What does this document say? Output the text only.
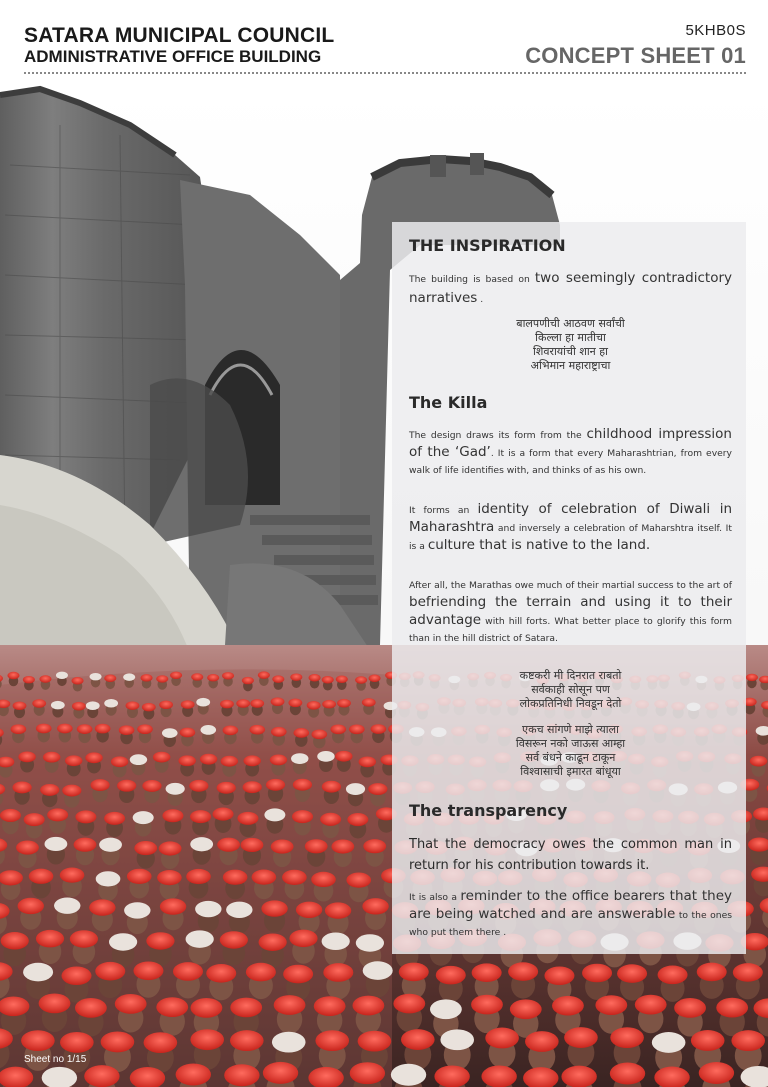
SATARA MUNICIPAL COUNCIL
ADMINISTRATIVE OFFICE BUILDING
5KHB0S
CONCEPT SHEET 01

THE INSPIRATION

The building is based on two seemingly contradictory narratives .

बालपणीची आठवण सर्वांची

किल्ला हा मातीचा

शिवरायांची शान हा

अभिमान महाराष्ट्राचा

The Killa

The design draws its form from the childhood impression of the ‘Gad’. It is a form that every Maharashtrian, from every walk of life identifies with, and thinks of as his own.

It forms an identity of celebration of Diwali in Maharashtra and inversely a celebration of Maharshtra itself. It is a culture that is native to the land.

After all, the Marathas owe much of their martial success to the art of befriending the terrain and using it to their advantage with hill forts. What better place to glorify this form than in the hill district of Satara.

कष्टकरी मी दिनरात राबतो

सर्वकाही सोसून पण

लोकप्रतिनिधी निवडून देतो

एकच सांगणे माझे त्याला

विसरून नको जाऊस आम्हा

सर्व बंधने काढून टाकून

विश्वासाची इमारत बांधूया

The transparency

That the democracy owes the common man in return for his contribution towards it.

It is also a reminder to the office bearers that they are being watched and are answerable to the ones who put them there .

Sheet no 1/15
